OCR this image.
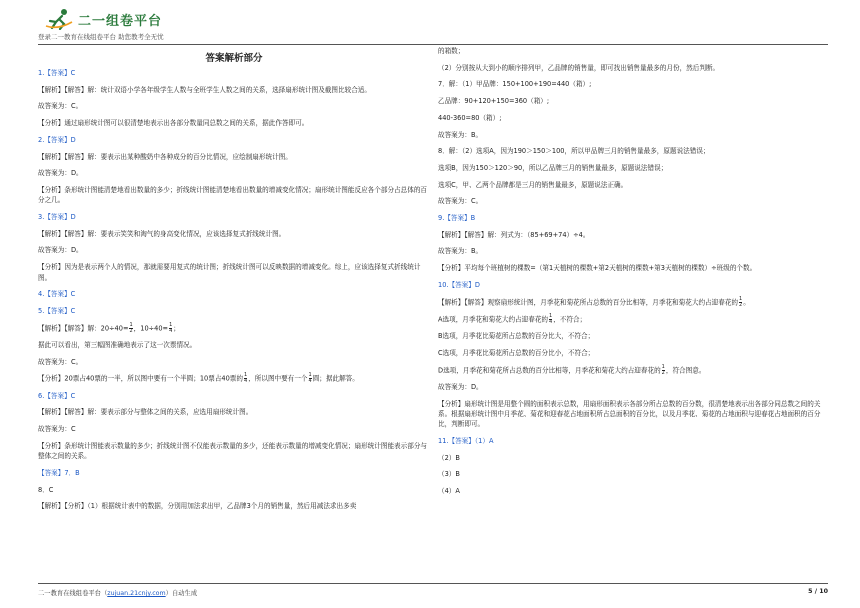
二一组卷平台
登录二一教育在线组卷平台 助您教考全无忧
答案解析部分

1.【答案】C

【解析】【解答】解：统计双语小学各年级学生人数与全班学生人数之间的关系，选择扇形统计图及截图比较合适。

故答案为：C。

【分析】通过扇形统计图可以很清楚地表示出各部分数量同总数之间的关系，据此作答即可。

2.【答案】D

【解析】【解答】解：要表示出某种酸奶中各种成分的百分比情况，应绘制扇形统计图。

故答案为：D。

【分析】条形统计图能清楚地看出数量的多少；折线统计图能清楚地看出数量的增减变化情况；扇形统计图能反应各个部分占总体的百分之几。

3.【答案】D

【解析】【解答】解：要表示笑笑和淘气的身高变化情况，应该选择复式折线统计图。

故答案为：D。

【分析】因为是表示两个人的情况，那就需要用复式的统计图；折线统计图可以反映数据的增减变化。综上，应该选择复式折线统计图。

4.【答案】C

5.【答案】C

【解析】【解答】解：$20\div 40= \frac{1}{2}$ ，$10\div 40= \frac{1}{4}$ ；

据此可以看出，第三幅图准确地表示了这一次票情况。

故答案为：C。

【分析】20票占40票的一半，所以图中要有一个半圆；10票占40票的 $\frac{1}{4}$ ，所以图中要有一个 $\frac{1}{4}$ 圆；据此解答。

6.【答案】C

【解析】【解答】解：要表示部分与整体之间的关系，应选用扇形统计图。

故答案为：C

【分析】条形统计图能表示数量的多少；折线统计图不仅能表示数量的多少，还能表示数量的增减变化情况；扇形统计图能表示部分与整体之间的关系。

【答案】7．B

8．C

【解析】【分析】（1）根据统计表中的数据，分别用加法求出甲，乙品牌3个月的销售量，然后用减法求出多卖

的箱数；

（2）分别按从大到小的顺序排列甲，乙品牌的销售量，即可找出销售量最多的月份，然后判断。

7．解：（1）甲品牌：150+100+190=440（箱）;

乙品牌：90+120+150=360（箱）;

440-360=80（箱）;

故答案为：B。

8．解：（2）选项A，因为190＞150＞100，所以甲品牌三月的销售量最多，原题说法错误；

选项B，因为150＞120＞90，所以乙品牌三月的销售量最多，原题说法错误；

选项C，甲、乙两个品牌都是三月的销售量最多，原题说法正确。

故答案为：C。

9.【答案】B

【解析】【解答】解：列式为：（85+69+74）÷4。

故答案为：B。

【分析】平均每个班植树的棵数=（第1天植树的棵数+第2天植树的棵数+第3天植树的棵数）÷班级的个数。

10.【答案】D

【解析】【解答】观察扇形统计图，月季花和菊花所占总数的百分比相等，月季花和菊花大约占迎春花的 $\frac{1}{2}$ 。

A选项，月季花和菊花大约占迎春花的 $\frac{1}{4}$ ，不符合；

B选项，月季花比菊花所占总数的百分比大，不符合；

C选项，月季花比菊花所占总数的百分比小，不符合；

D选项，月季花和菊花所占总数的百分比相等，月季花和菊花大约占迎春花的 $\frac{1}{2}$ ，符合图意。

故答案为：D。

【分析】扇形统计图是用整个圆的面积表示总数，用扇形面积表示各部分所占总数的百分数，很清楚地表示出各部分同总数之间的关系。根据扇形统计图中月季花、菊花和迎春花占地面积所占总面积的百分比，以及月季花、菊花的占地面积与迎春花占地面积的百分比，判断即可。

11.【答案】（1）A

（2）B

（3）B

（4）A

二一教育在线组卷平台（zujuan.21cnjy.com）自动生成	5 / 10
